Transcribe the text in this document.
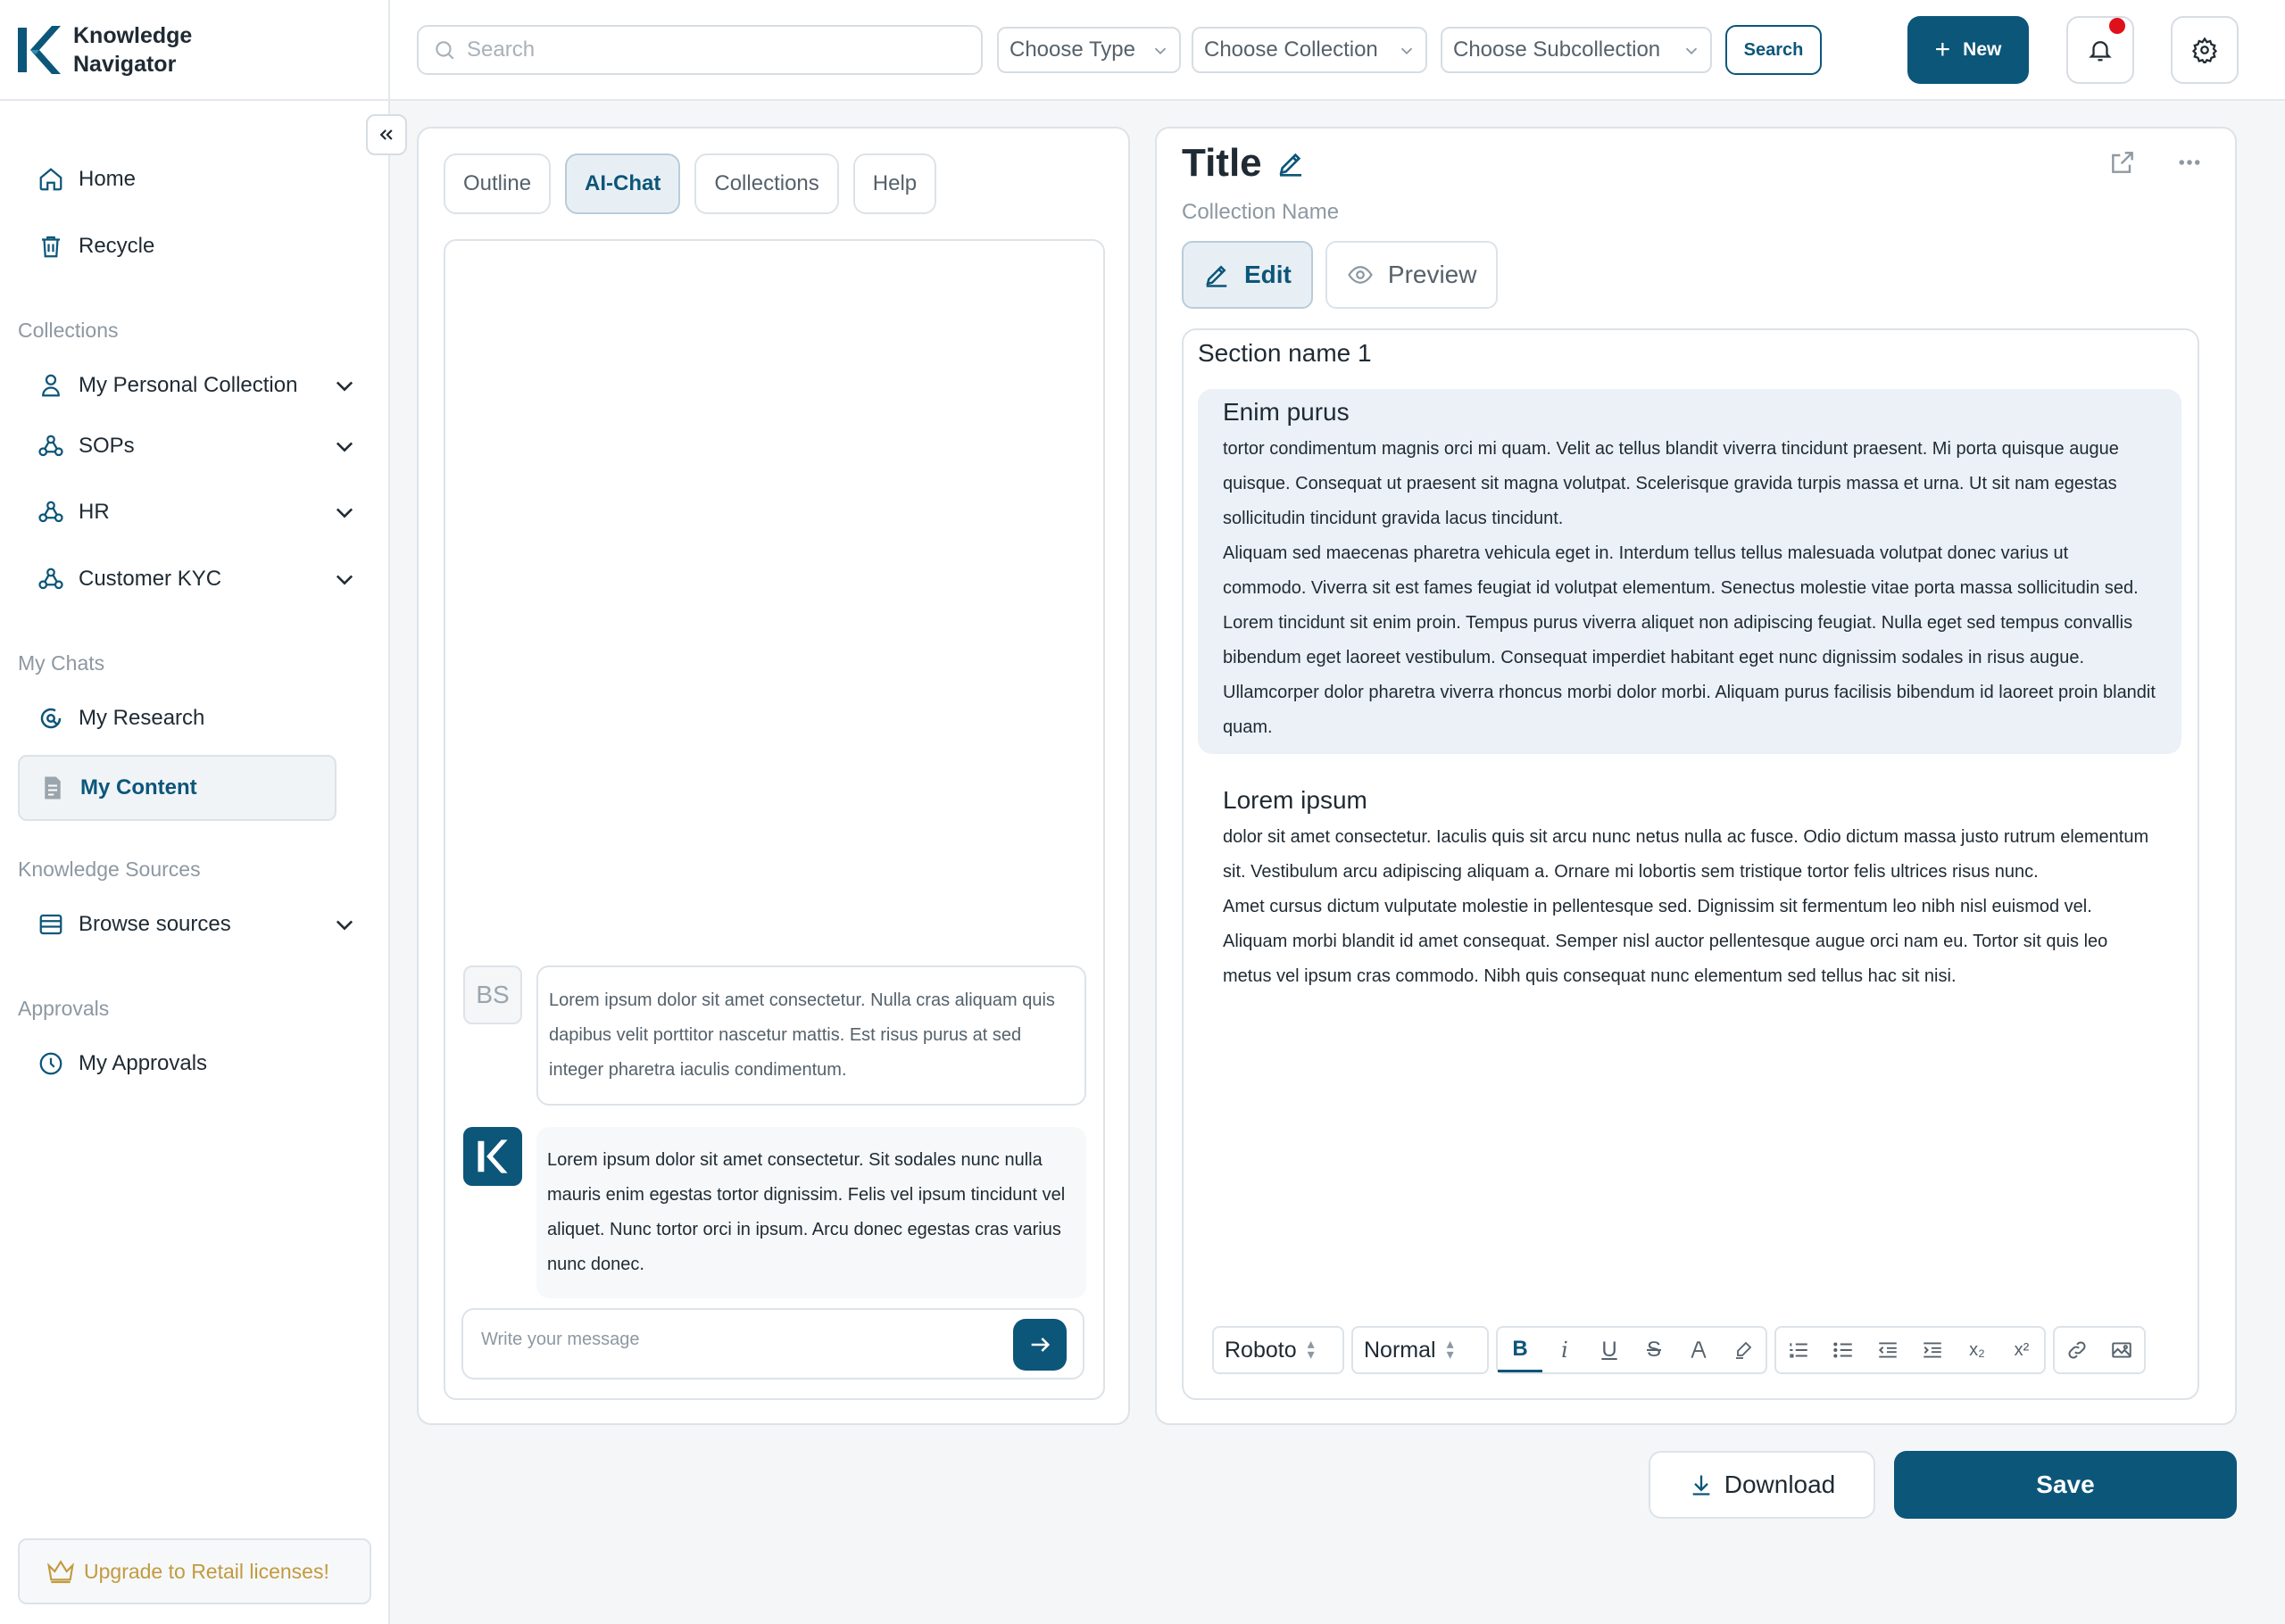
Knowledge
Navigator
Home
Recycle
Collections
My Personal Collection
SOPs
HR
Customer KYC
My Chats
My Research
My Content
Knowledge Sources
Browse sources
Approvals
My Approvals
Upgrade to Retail licenses!
Search
Choose Type	Choose Collection	Choose Subcollection	Search	+ New
Outline	AI-Chat	Collections	Help
BS	Lorem ipsum dolor sit amet consectetur. Nulla cras aliquam quis dapibus velit porttitor nascetur mattis. Est risus purus at sed integer pharetra iaculis condimentum.
Lorem ipsum dolor sit amet consectetur. Sit sodales nunc nulla mauris enim egestas tortor dignissim. Felis vel ipsum tincidunt vel aliquet. Nunc tortor orci in ipsum. Arcu donec egestas cras varius nunc donec.
Write your message
Title
Collection Name
Edit	Preview
Section name 1
Enim purus

tortor condimentum magnis orci mi quam. Velit ac tellus blandit viverra tincidunt praesent. Mi porta quisque augue quisque. Consequat ut praesent sit magna volutpat. Scelerisque gravida turpis massa et urna. Ut sit nam egestas sollicitudin tincidunt gravida lacus tincidunt.

Aliquam sed maecenas pharetra vehicula eget in. Interdum tellus tellus malesuada volutpat donec varius ut commodo. Viverra sit est fames feugiat id volutpat elementum. Senectus molestie vitae porta massa sollicitudin sed. Lorem tincidunt sit enim proin. Tempus purus viverra aliquet non adipiscing feugiat. Nulla eget sed tempus convallis bibendum eget laoreet vestibulum. Consequat imperdiet habitant eget nunc dignissim sodales in risus augue. Ullamcorper dolor pharetra viverra rhoncus morbi dolor morbi. Aliquam purus facilisis bibendum id laoreet proin blandit quam.

Lorem ipsum

dolor sit amet consectetur. Iaculis quis sit arcu nunc netus nulla ac fusce. Odio dictum massa justo rutrum elementum sit. Vestibulum arcu adipiscing aliquam a. Ornare mi lobortis sem tristique tortor felis ultrices risus nunc.

Amet cursus dictum vulputate molestie in pellentesque sed. Dignissim sit fermentum leo nibh nisl euismod vel. Aliquam morbi blandit id amet consequat. Semper nisl auctor pellentesque augue orci nam eu. Tortor sit quis leo metus vel ipsum cras commodo. Nibh quis consequat nunc elementum sed tellus hac sit nisi.

Roboto ▴
▾ Normal ▴
▾	B	i	U	S	x₂	x²
Download	Save
